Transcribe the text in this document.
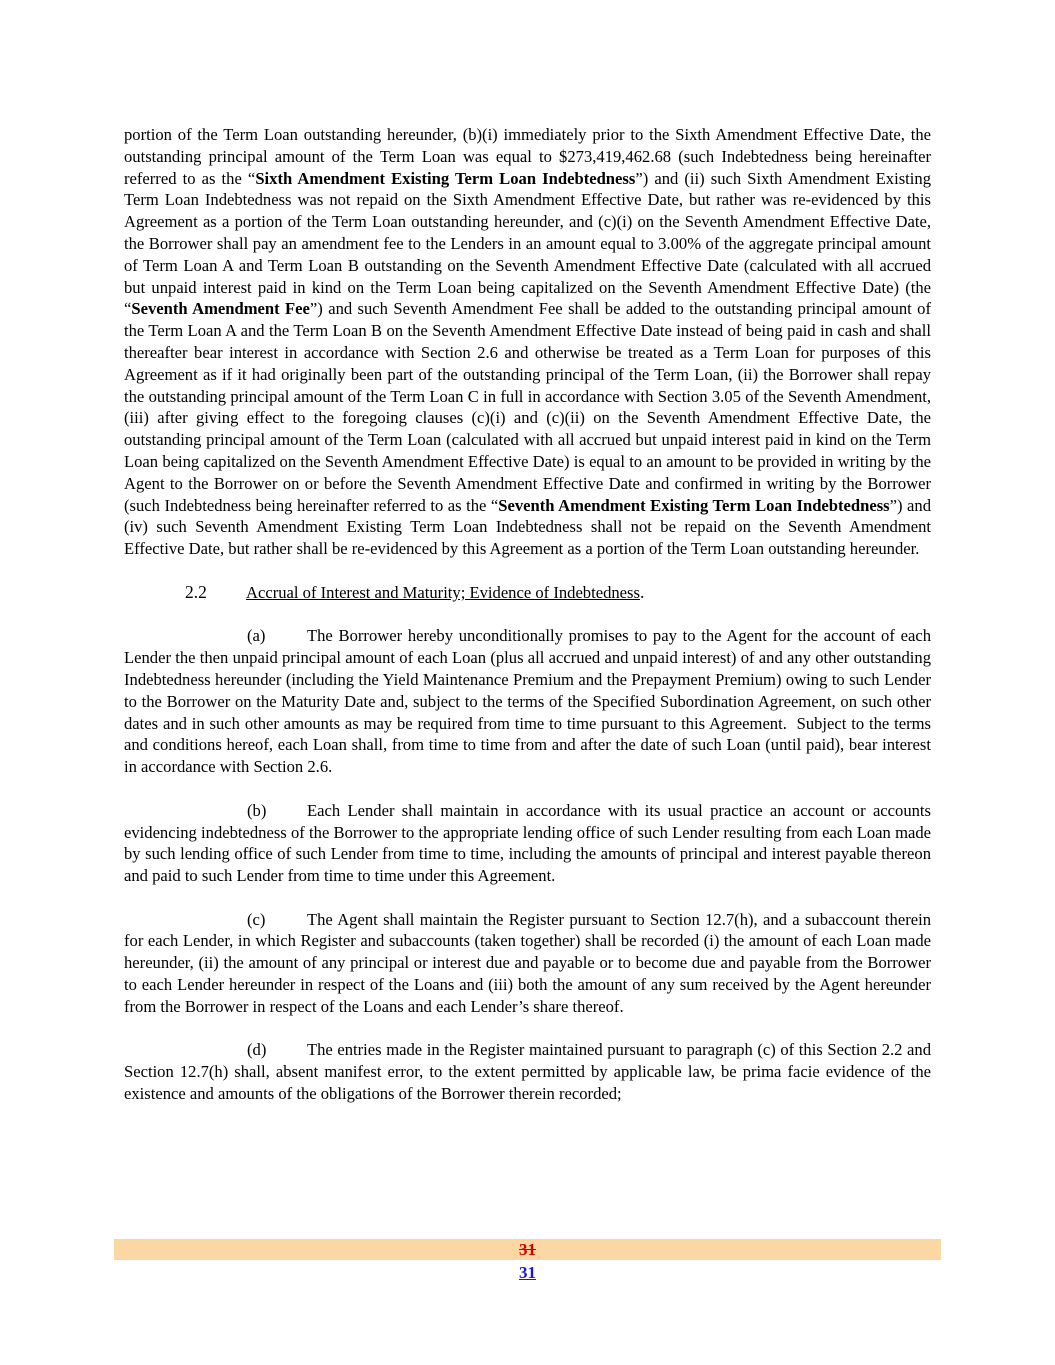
portion of the Term Loan outstanding hereunder, (b)(i) immediately prior to the Sixth Amendment Effective Date, the outstanding principal amount of the Term Loan was equal to $273,419,462.68 (such Indebtedness being hereinafter referred to as the “Sixth Amendment Existing Term Loan Indebtedness”) and (ii) such Sixth Amendment Existing Term Loan Indebtedness was not repaid on the Sixth Amendment Effective Date, but rather was re-evidenced by this Agreement as a portion of the Term Loan outstanding hereunder, and (c)(i) on the Seventh Amendment Effective Date, the Borrower shall pay an amendment fee to the Lenders in an amount equal to 3.00% of the aggregate principal amount of Term Loan A and Term Loan B outstanding on the Seventh Amendment Effective Date (calculated with all accrued but unpaid interest paid in kind on the Term Loan being capitalized on the Seventh Amendment Effective Date) (the “Seventh Amendment Fee”) and such Seventh Amendment Fee shall be added to the outstanding principal amount of the Term Loan A and the Term Loan B on the Seventh Amendment Effective Date instead of being paid in cash and shall thereafter bear interest in accordance with Section 2.6 and otherwise be treated as a Term Loan for purposes of this Agreement as if it had originally been part of the outstanding principal of the Term Loan, (ii) the Borrower shall repay the outstanding principal amount of the Term Loan C in full in accordance with Section 3.05 of the Seventh Amendment, (iii) after giving effect to the foregoing clauses (c)(i) and (c)(ii) on the Seventh Amendment Effective Date, the outstanding principal amount of the Term Loan (calculated with all accrued but unpaid interest paid in kind on the Term Loan being capitalized on the Seventh Amendment Effective Date) is equal to an amount to be provided in writing by the Agent to the Borrower on or before the Seventh Amendment Effective Date and confirmed in writing by the Borrower (such Indebtedness being hereinafter referred to as the “Seventh Amendment Existing Term Loan Indebtedness”) and (iv) such Seventh Amendment Existing Term Loan Indebtedness shall not be repaid on the Seventh Amendment Effective Date, but rather shall be re-evidenced by this Agreement as a portion of the Term Loan outstanding hereunder.

2.2 Accrual of Interest and Maturity; Evidence of Indebtedness.

(a)	The Borrower hereby unconditionally promises to pay to the Agent for the account of each Lender the then unpaid principal amount of each Loan (plus all accrued and unpaid interest) of and any other outstanding Indebtedness hereunder (including the Yield Maintenance Premium and the Prepayment Premium) owing to such Lender to the Borrower on the Maturity Date and, subject to the terms of the Specified Subordination Agreement, on such other dates and in such other amounts as may be required from time to time pursuant to this Agreement.  Subject to the terms and conditions hereof, each Loan shall, from time to time from and after the date of such Loan (until paid), bear interest in accordance with Section 2.6.

(b) Each Lender shall maintain in accordance with its usual practice an account or accounts evidencing indebtedness of the Borrower to the appropriate lending office of such Lender resulting from each Loan made by such lending office of such Lender from time to time, including the amounts of principal and interest payable thereon and paid to such Lender from time to time under this Agreement.

(c)	The Agent shall maintain the Register pursuant to Section 12.7(h), and a subaccount therein for each Lender, in which Register and subaccounts (taken together) shall be recorded (i) the amount of each Loan made hereunder, (ii) the amount of any principal or interest due and payable or to become due and payable from the Borrower to each Lender hereunder in respect of the Loans and (iii) both the amount of any sum received by the Agent hereunder from the Borrower in respect of the Loans and each Lender’s share thereof.

(d) The entries made in the Register maintained pursuant to paragraph (c) of this Section 2.2 and Section 12.7(h) shall, absent manifest error, to the extent permitted by applicable law, be prima facie evidence of the existence and amounts of the obligations of the Borrower therein recorded;

31
31
